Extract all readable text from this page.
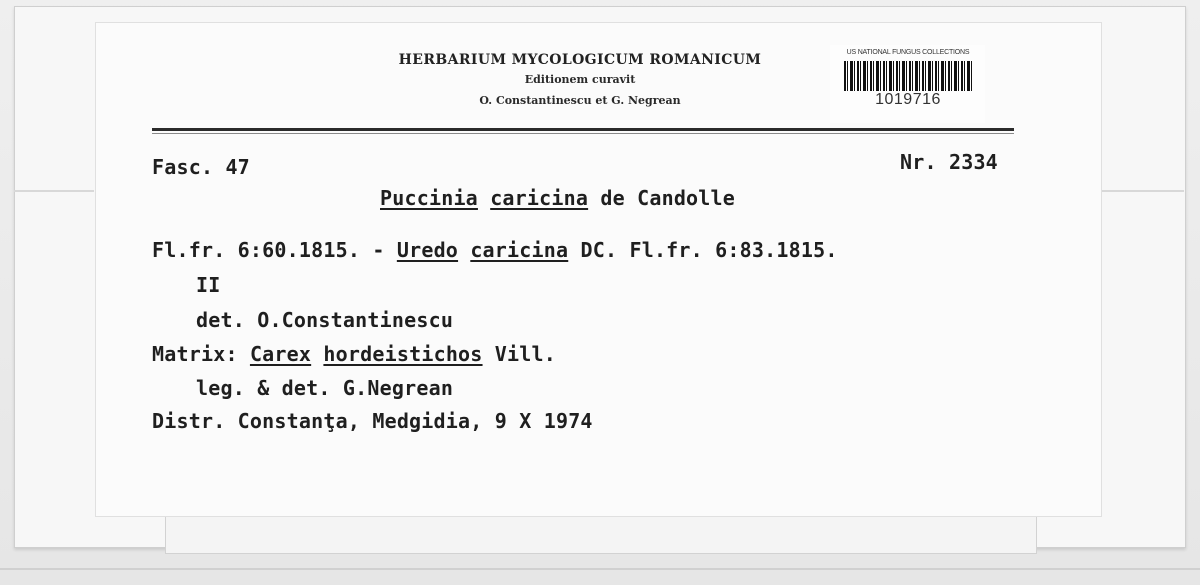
HERBARIUM MYCOLOGICUM ROMANICUM
Editionem curavit
O. Constantinescu et G. Negrean
US NATIONAL FUNGUS COLLECTIONS
1019716
Fasc. 47	Nr. 2334
Puccinia caricina de Candolle
Fl.fr. 6:60.1815. - Uredo caricina DC. Fl.fr. 6:83.1815.
II
det. O.Constantinescu
Matrix: Carex hordeistichos Vill.
leg. & det. G.Negrean
Distr. Constanţa, Medgidia, 9 X 1974
